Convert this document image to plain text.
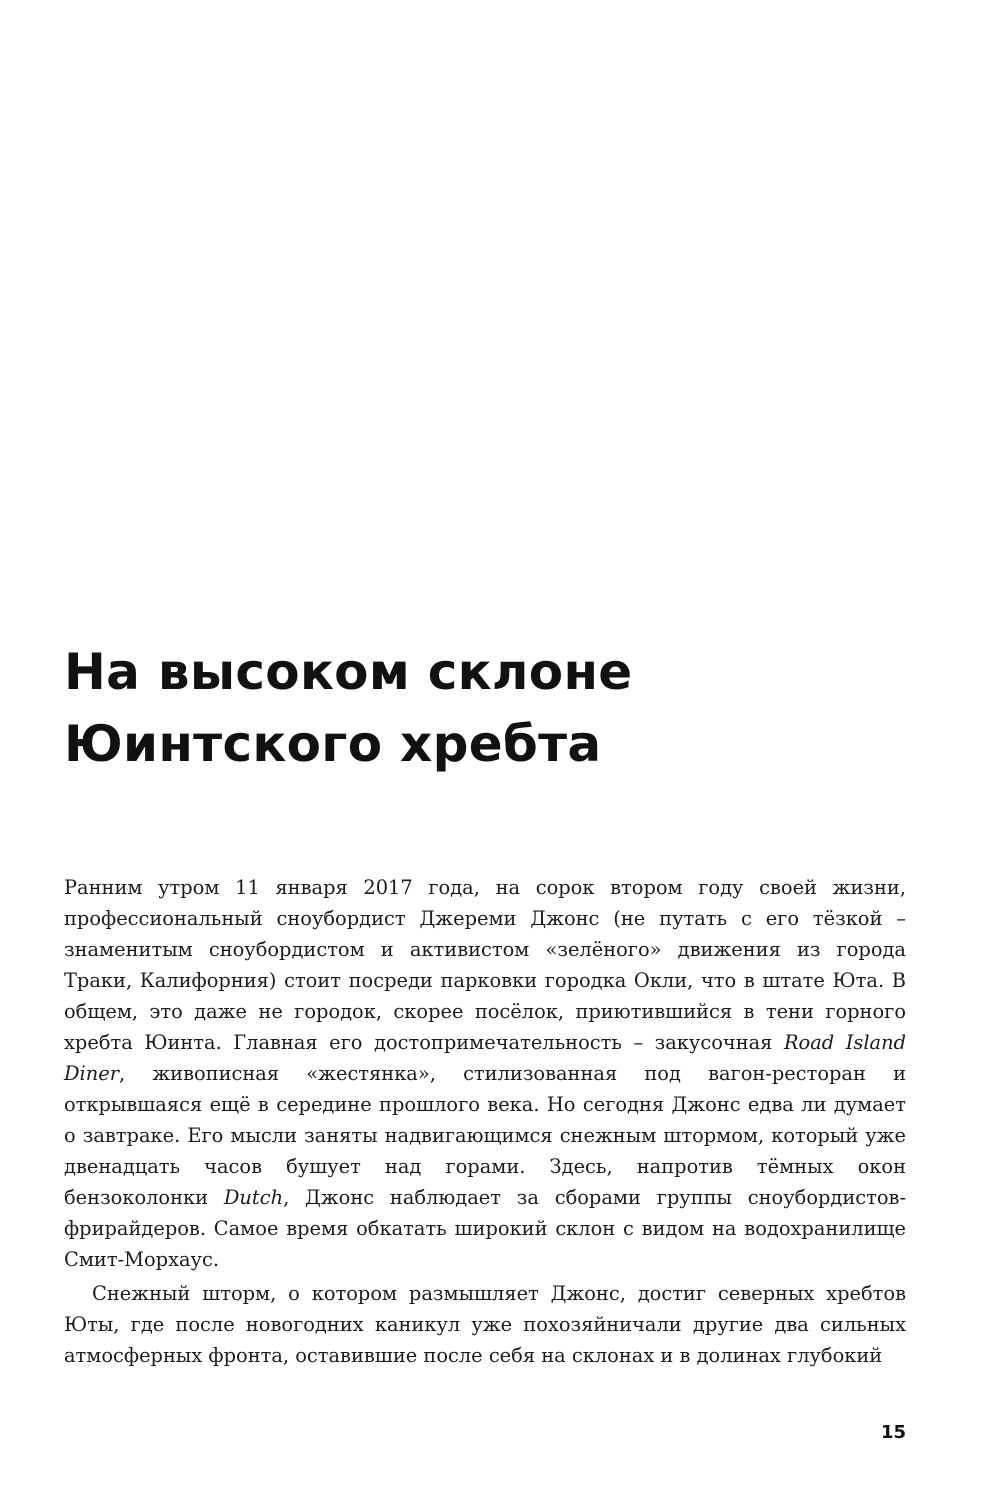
На высоком склоне
Юинтского хребта

Ранним утром 11 января 2017 года, на сорок втором году своей жизни, профессиональный сноубордист Джереми Джонс (не путать с его тёзкой – знаменитым сноубордистом и активистом «зелёного» движения из города Траки, Калифорния) стоит посреди парковки городка Окли, что в штате Юта. В общем, это даже не городок, скорее посёлок, приютившийся в тени горного хребта Юинта. Главная его достопримечательность – закусочная Road Island Diner, живописная «жестянка», стилизованная под вагон-ресторан и открывшаяся ещё в середине прошлого века. Но сегодня Джонс едва ли думает о завтраке. Его мысли заняты надвигающимся снежным штормом, который уже двенадцать часов бушует над горами. Здесь, напротив тёмных окон бензоколонки Dutch, Джонс наблюдает за сборами группы сноубордистов-фрирайдеров. Самое время обкатать широкий склон с видом на водохранилище Смит-Морхаус.

Снежный шторм, о котором размышляет Джонс, достиг северных хребтов Юты, где после новогодних каникул уже похозяйничали другие два сильных атмосферных фронта, оставившие после себя на склонах и в долинах глубокий

15
